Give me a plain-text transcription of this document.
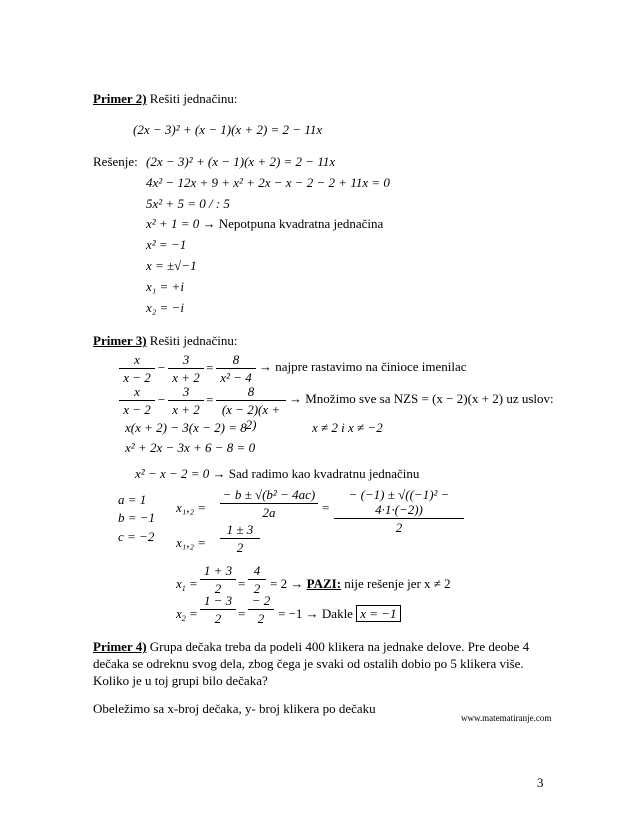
Primer 2) Rešiti jednačinu:
(2x − 3)² + (x − 1)(x + 2) = 2 − 11x
Rešenje: (2x − 3)² + (x − 1)(x + 2) = 2 − 11x
4x² − 12x + 9 + x² + 2x − x − 2 − 2 + 11x = 0
5x² + 5 = 0 / : 5
x² + 1 = 0 → Nepotpuna kvadratna jednačina
x² = −1
x = ±√−1
x₁ = +i
x₂ = −i
Primer 3) Rešiti jednačinu:
$\frac{x}{x - 2} - \frac{3}{x + 2} = \frac{8}{\text{x² − 4}}$ → najpre rastavimo na činioce imenilac
$\frac{x}{x - 2} - \frac{3}{x + 2} = \frac{8}{(x - 2)(x + 2)}$ → Množimo sve sa NZS = (x − 2)(x + 2) uz uslov:
x(x + 2) − 3(x − 2) = 8	x ≠ 2 i x ≠ −2
x² + 2x − 3x + 6 − 8 = 0
x² − x − 2 = 0 → Sad radimo kao kvadratnu jednačinu
a = 1
b = −1
c = −2
$x_1,_2 = \frac{\text{− b ± √(b² − 4ac)}}{2a} = \frac{\text{− (−1) ± √((−1)² − 4·1·(−2))}}{2}$
$x_1,_2 = \frac{1 \pm 3}{2}$
$x_1 = \frac{1 + 3}{2} = \frac{4}{2} = 2$ → PAZI: nije rešenje jer x ≠ 2
$x_2 = \frac{1 - 3}{2} = \frac{- 2}{2} = -1$ → Dakle x = −1
Primer 4) Grupa dečaka treba da podeli 400 klikera na jednake delove. Pre deobe 4
dečaka se odreknu svog dela, zbog čega je svaki od ostalih dobio po 5 klikera više.
Koliko je u toj grupi bilo dečaka?
Obeležimo sa x-broj dečaka, y- broj klikera po dečaku
www.matematiranje.com
3
